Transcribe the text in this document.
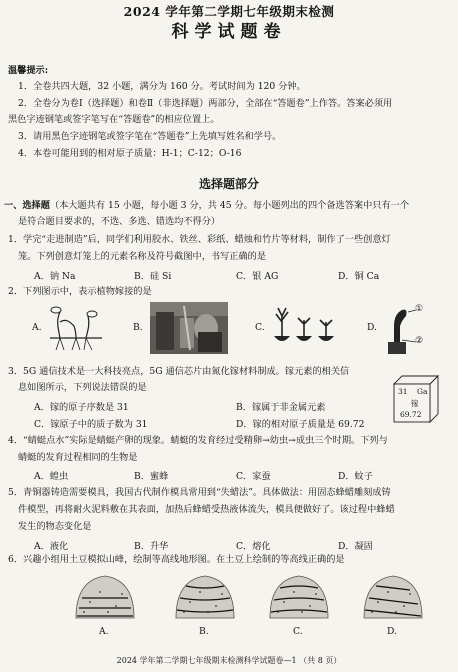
2024 学年第二学期七年级期末检测
科学试题卷
温馨提示:
1．全卷共四大题，32 小题，满分为 160 分。考试时间为 120 分钟。
2．全卷分为卷Ⅰ（选择题）和卷Ⅱ（非选择题）两部分，全部在“答题卷”上作答。答案必须用
黑色字迹钢笔或签字笔写在“答题卷”的相应位置上。
3．请用黑色字迹钢笔或签字笔在“答题卷”上先填写姓名和学号。
4．本卷可能用到的相对原子质量：H-1；C-12；O-16
选择题部分
一、选择题（本大题共有 15 小题，每小题 3 分，共 45 分。每小题列出的四个备选答案中只有一个
是符合题目要求的，不选、多选、错选均不得分）
1．学完“走进制造”后，同学们利用胶水、铁丝、彩纸、蜡烛和竹片等材料，制作了一些创意灯
笼。下列创意灯笼上的元素名称及符号截图中，书写正确的是
A．钠 Na	B．硅 Si	C．银 AG	D．铜 Ca
2．下列图示中，表示植物嫁接的是
A.	B.	C.	D.
①
②
3．5G 通信技术是一大科技亮点，5G 通信芯片由氮化镓材料制成。镓元素的相关信
息如图所示，下列说法错误的是
A．镓的原子序数是 31	B．镓属于非金属元素
C．镓原子中的质子数为 31	D．镓的相对原子质量是 69.72
31 Ga
镓
69.72
4．“蜻蜓点水”实际是蜻蜓产卵的现象。蜻蜓的发育经过受精卵→幼虫→成虫三个时期。下列与
蜻蜓的发育过程相同的生物是
A．蝗虫	B．蜜蜂	C．家蚕	D．蚊子
5．青铜器铸造需要模具，我国古代制作模具常用到“失蜡法”。具体做法：用固态蜂蜡雕刻成铸
件模型，再将耐火泥料敷在其表面，加热后蜂蜡受热液体流失，模具便做好了。该过程中蜂蜡
发生的物态变化是
A．液化	B．升华	C．熔化	D．凝固
6．兴趣小组用土豆模拟山峰，绘制等高线地形图。在土豆上绘制的等高线正确的是
A.	B.	C.	D.
2024 学年第二学期七年级期末检测科学试题卷—1 （共 8 页）
